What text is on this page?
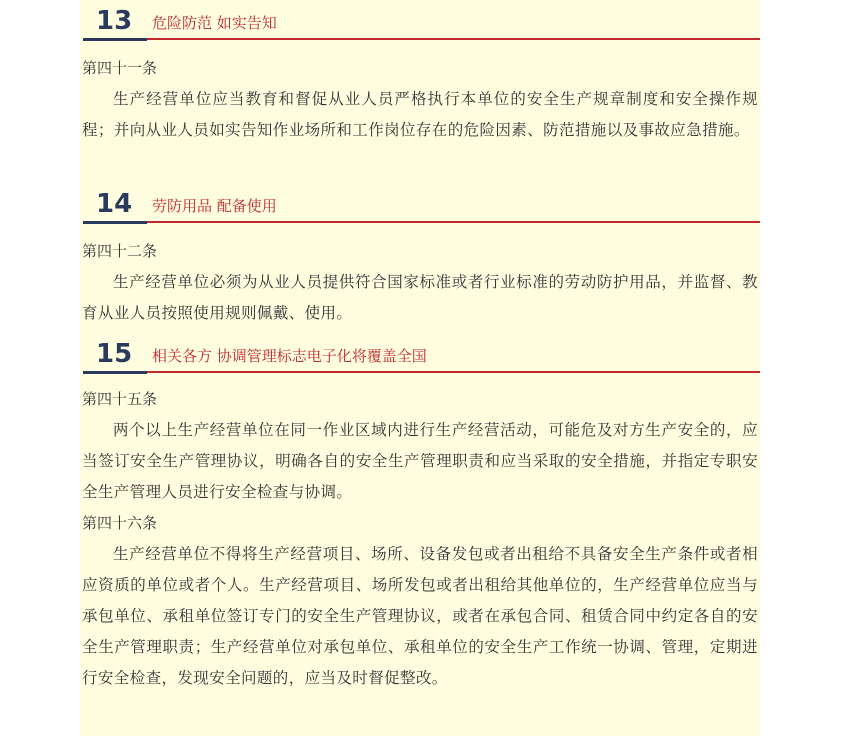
13 危险防范 如实告知
第四十一条

生产经营单位应当教育和督促从业人员严格执行本单位的安全生产规章制度和安全操作规程；并向从业人员如实告知作业场所和工作岗位存在的危险因素、防范措施以及事故应急措施。

14 劳防用品 配备使用
第四十二条

生产经营单位必须为从业人员提供符合国家标准或者行业标准的劳动防护用品，并监督、教育从业人员按照使用规则佩戴、使用。

15 相关各方 协调管理标志电子化将覆盖全国
第四十五条

两个以上生产经营单位在同一作业区域内进行生产经营活动，可能危及对方生产安全的，应当签订安全生产管理协议，明确各自的安全生产管理职责和应当采取的安全措施，并指定专职安全生产管理人员进行安全检查与协调。

第四十六条

生产经营单位不得将生产经营项目、场所、设备发包或者出租给不具备安全生产条件或者相应资质的单位或者个人。生产经营项目、场所发包或者出租给其他单位的，生产经营单位应当与承包单位、承租单位签订专门的安全生产管理协议，或者在承包合同、租赁合同中约定各自的安全生产管理职责；生产经营单位对承包单位、承租单位的安全生产工作统一协调、管理，定期进行安全检查，发现安全问题的，应当及时督促整改。
